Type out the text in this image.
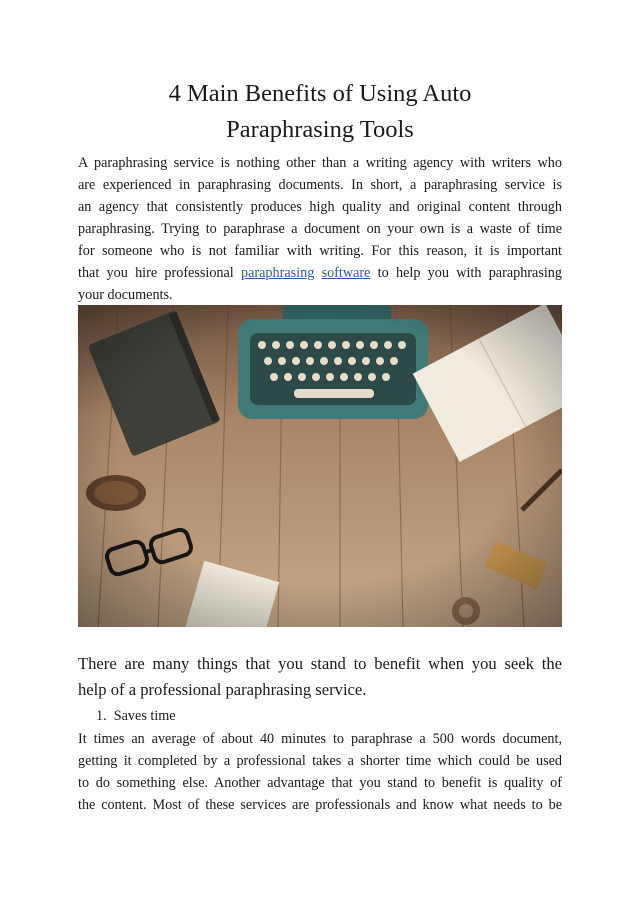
4 Main Benefits of Using Auto
Paraphrasing Tools
A paraphrasing service is nothing other than a writing agency with writers who
are experienced in paraphrasing documents. In short, a paraphrasing service is
an agency that consistently produces high quality and original content through
paraphrasing. Trying to paraphrase a document on your own is a waste of time
for someone who is not familiar with writing. For this reason, it is important
that you hire professional paraphrasing software to help you with paraphrasing
your documents.
There are many things that you stand to benefit when you seek the
help of a professional paraphrasing service.

1. Saves time

It times an average of about 40 minutes to paraphrase a 500 words document,
getting it completed by a professional takes a shorter time which could be used
to do something else. Another advantage that you stand to benefit is quality of
the content. Most of these services are professionals and know what needs to be
